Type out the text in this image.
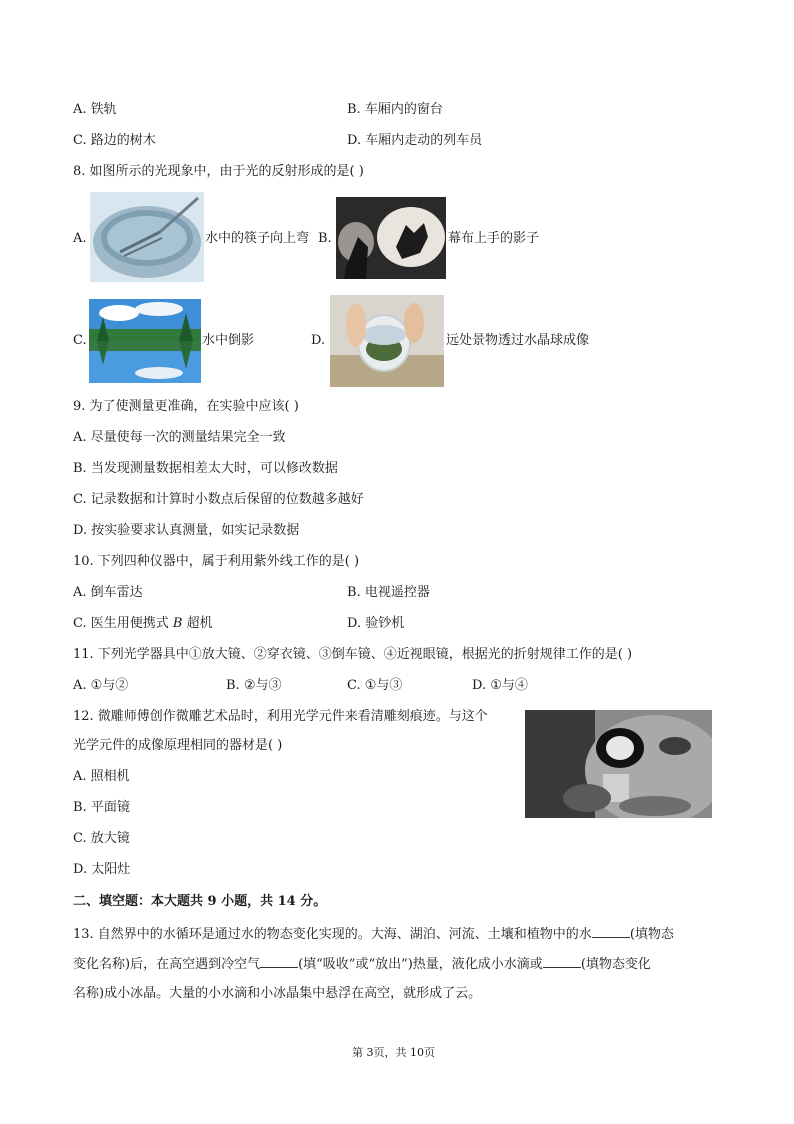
A. 铁轨	B. 车厢内的窗台
C. 路边的树木	D. 车厢内走动的列车员
8. 如图所示的光现象中，由于光的反射形成的是( )
A.	水中的筷子向上弯 B.	幕布上手的影子
C.	水中倒影	D.	远处景物透过水晶球成像
9. 为了使测量更准确，在实验中应该( )
A. 尽量使每一次的测量结果完全一致
B. 当发现测量数据相差太大时，可以修改数据
C. 记录数据和计算时小数点后保留的位数越多越好
D. 按实验要求认真测量，如实记录数据
10. 下列四种仪器中，属于利用紫外线工作的是( )
A. 倒车雷达	B. 电视遥控器
C. 医生用便携式 B 超机	D. 验钞机
11. 下列光学器具中①放大镜、②穿衣镜、③倒车镜、④近视眼镜，根据光的折射规律工作的是( )
A. ①与②	B. ②与③	C. ①与③	D. ①与④
12. 微雕师傅创作微雕艺术品时，利用光学元件来看清雕刻痕迹。与这个
光学元件的成像原理相同的器材是( )
A. 照相机
B. 平面镜
C. 放大镜
D. 太阳灶
二、填空题：本大题共 9 小题，共 14 分。
13. 自然界中的水循环是通过水的物态变化实现的。大海、湖泊、河流、土壤和植物中的水	(填物态
变化名称)后，在高空遇到冷空气	(填“吸收”或“放出”)热量，液化成小水滴或	(填物态变化
名称)成小冰晶。大量的小水滴和小冰晶集中悬浮在高空，就形成了云。
第 3页，共 10页
